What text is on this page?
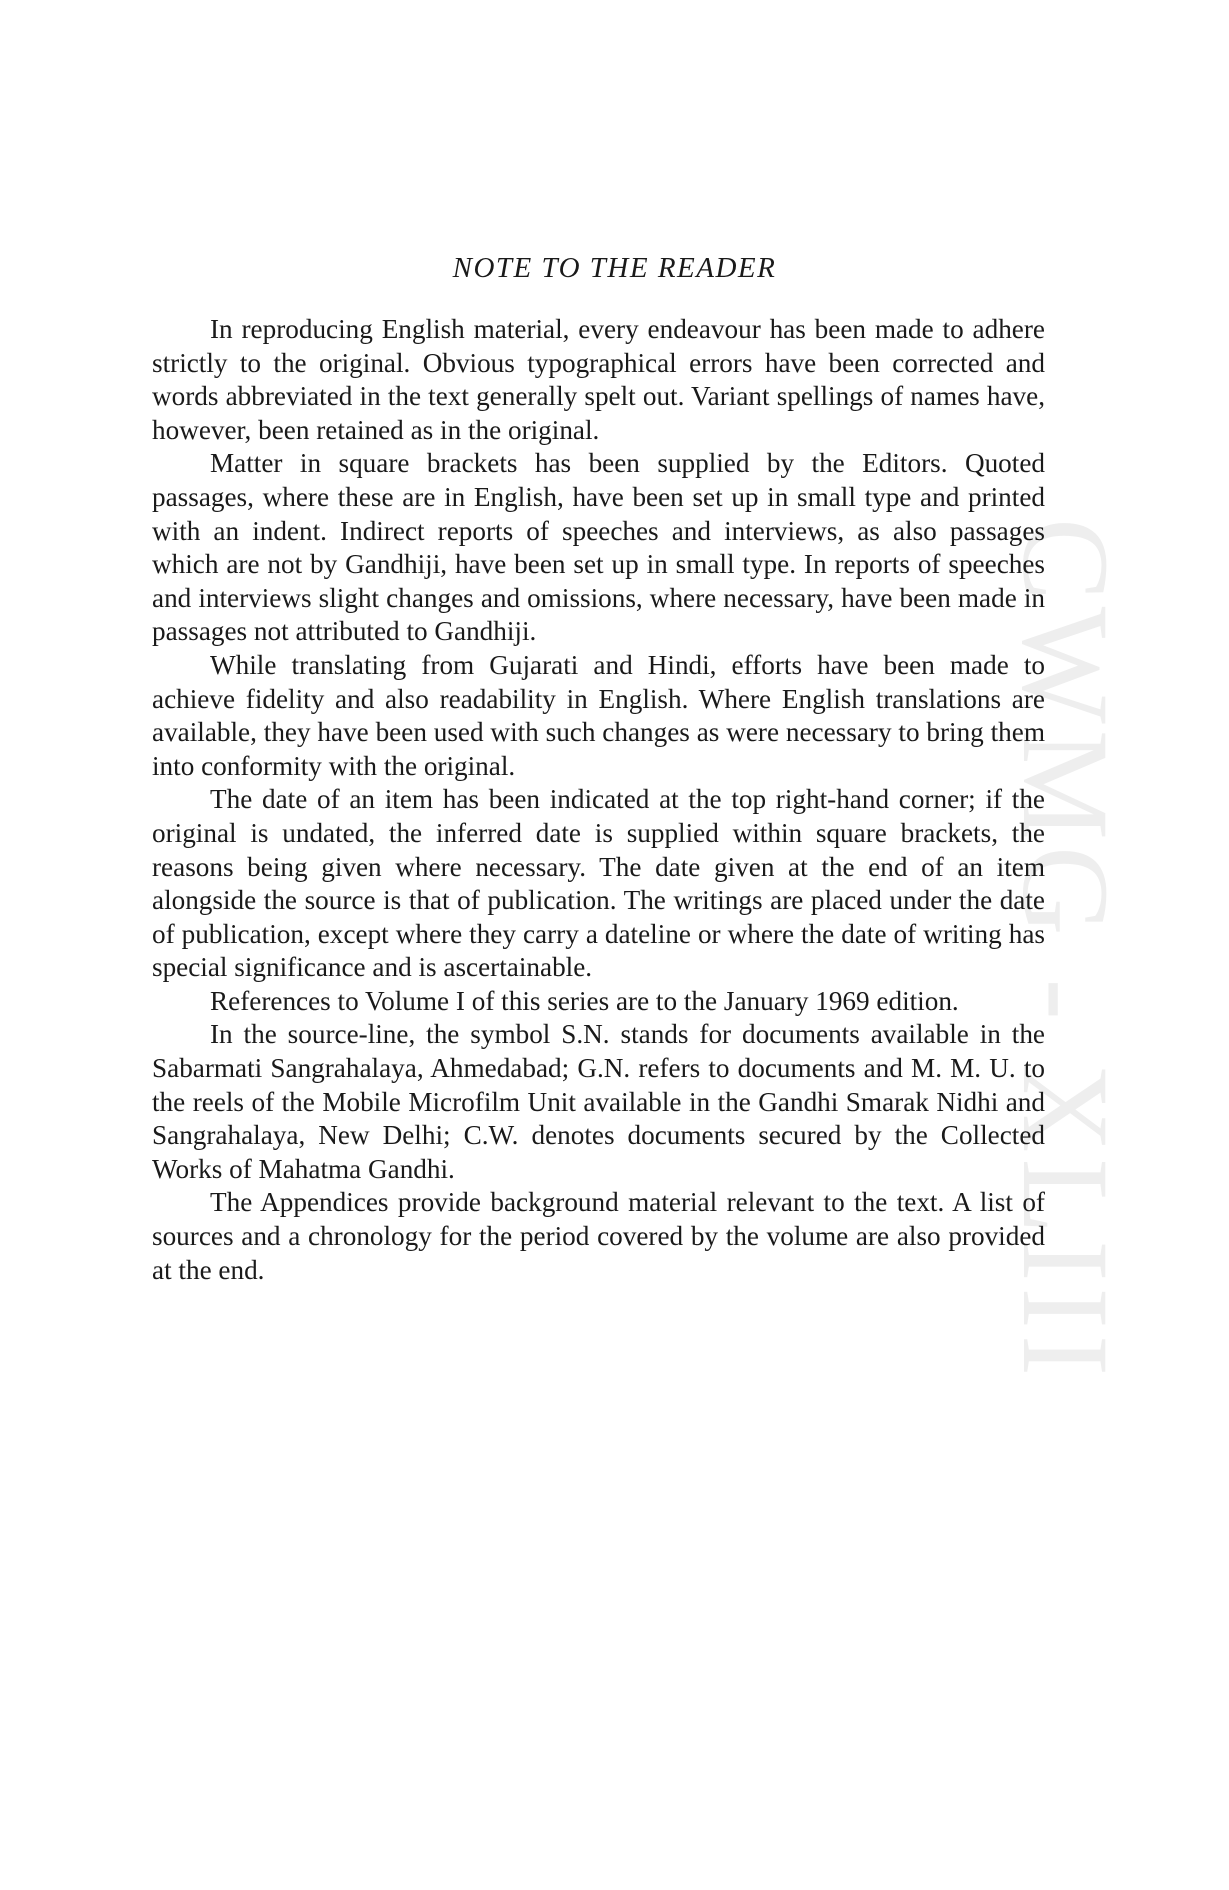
CWMG - XLIII
NOTE TO THE READER

In reproducing English material, every endeavour has been made to adhere strictly to the original. Obvious typographical errors have been corrected and words abbreviated in the text generally spelt out. Variant spellings of names have, however, been retained as in the original.

Matter in square brackets has been supplied by the Editors. Quoted passages, where these are in English, have been set up in small type and printed with an indent. Indirect reports of speeches and interviews, as also passages which are not by Gandhiji, have been set up in small type. In reports of speeches and interviews slight changes and omissions, where necessary, have been made in passages not attributed to Gandhiji.

While translating from Gujarati and Hindi, efforts have been made to achieve fidelity and also readability in English. Where English translations are available, they have been used with such changes as were necessary to bring them into conformity with the original.

The date of an item has been indicated at the top right-hand corner; if the original is undated, the inferred date is supplied within square brackets, the reasons being given where necessary. The date given at the end of an item alongside the source is that of publication. The writings are placed under the date of publication, except where they carry a dateline or where the date of writing has special significance and is ascertainable.

References to Volume I of this series are to the January 1969 edition.

In the source-line, the symbol S.N. stands for documents available in the Sabarmati Sangrahalaya, Ahmedabad; G.N. refers to documents and M. M. U. to the reels of the Mobile Microfilm Unit available in the Gandhi Smarak Nidhi and Sangrahalaya, New Delhi; C.W. denotes documents secured by the Collected Works of Mahatma Gandhi.

The Appendices provide background material relevant to the text. A list of sources and a chronology for the period covered by the volume are also provided at the end.
